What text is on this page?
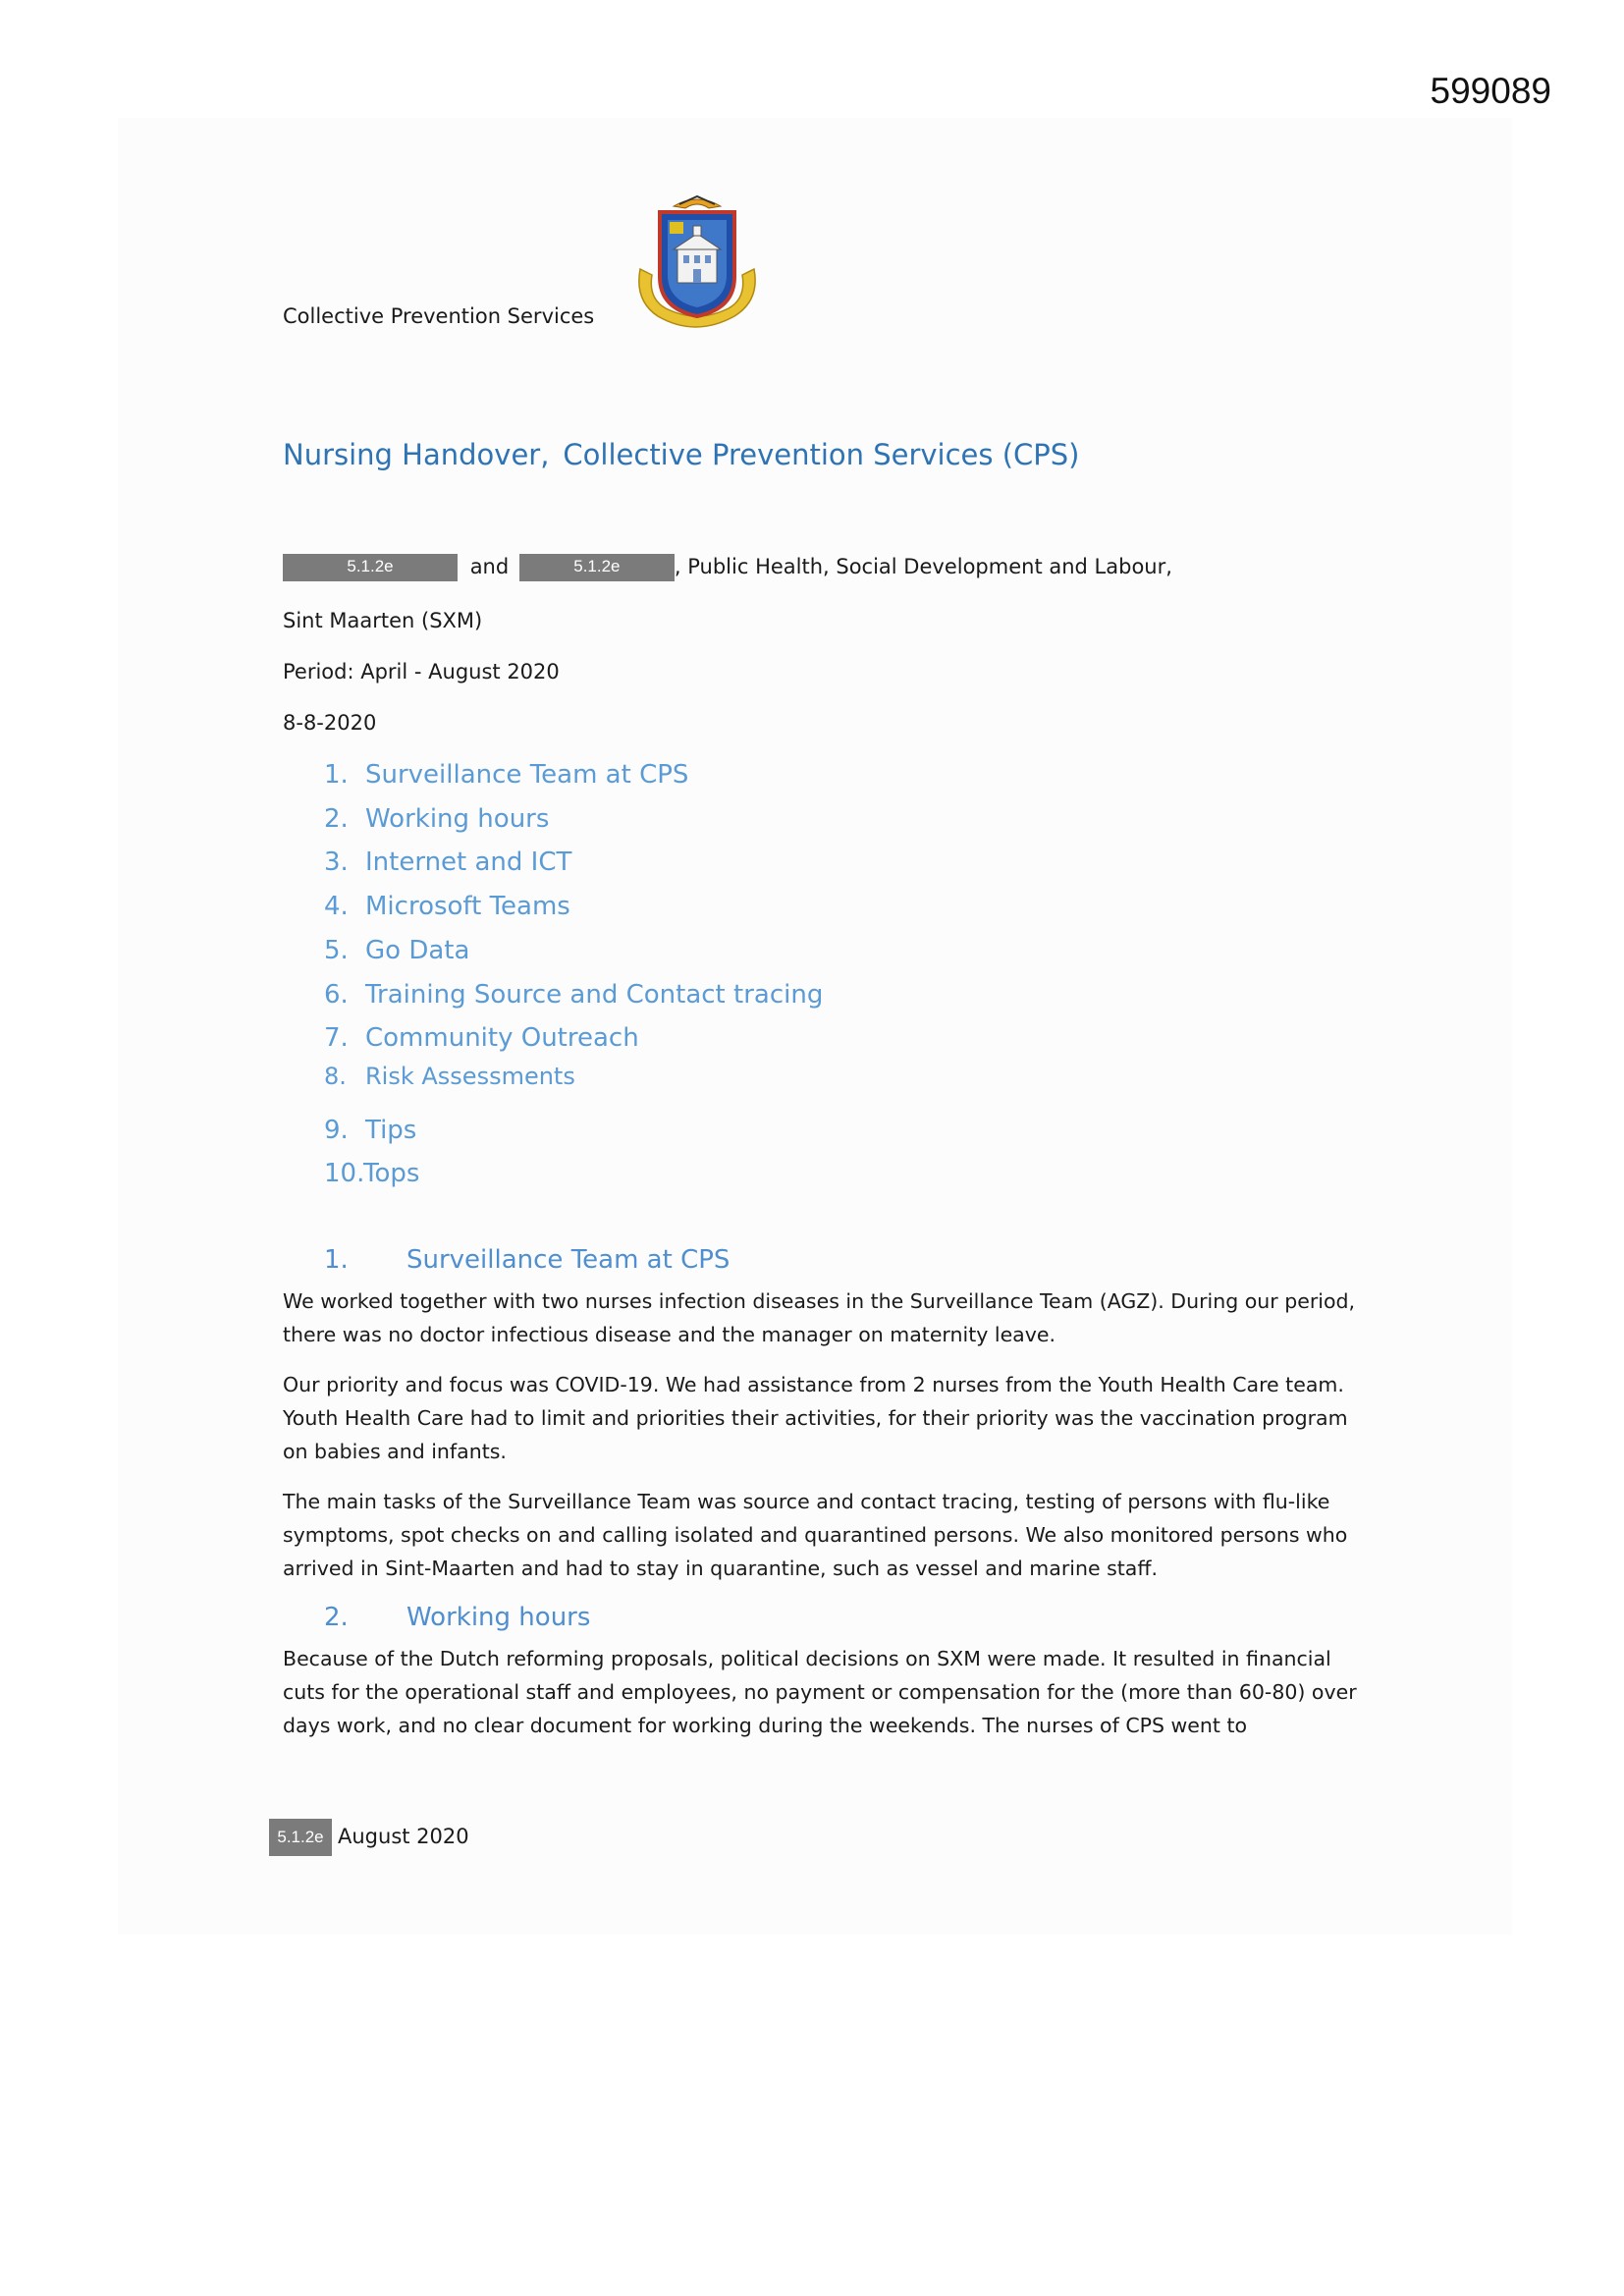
599089
Collective Prevention Services
Nursing Handover, Collective Prevention Services (CPS)
5.1.2e	and	5.1.2e	, Public Health, Social Development and Labour,
Sint Maarten (SXM)
Period: April - August 2020
8-8-2020
1. Surveillance Team at CPS
2. Working hours
3. Internet and ICT
4. Microsoft Teams
5. Go Data
6. Training Source and Contact tracing
7. Community Outreach
8. Risk Assessments
9. Tips
10.Tops
1. Surveillance Team at CPS

We worked together with two nurses infection diseases in the Surveillance Team (AGZ). During our period, there was no doctor infectious disease and the manager on maternity leave.

Our priority and focus was COVID-19. We had assistance from 2 nurses from the Youth Health Care team. Youth Health Care had to limit and priorities their activities, for their priority was the vaccination program on babies and infants.

The main tasks of the Surveillance Team was source and contact tracing, testing of persons with flu-like symptoms, spot checks on and calling isolated and quarantined persons. We also monitored persons who arrived in Sint-Maarten and had to stay in quarantine, such as vessel and marine staff.

2. Working hours

Because of the Dutch reforming proposals, political decisions on SXM were made. It resulted in financial cuts for the operational staff and employees, no payment or compensation for the (more than 60-80) over days work, and no clear document for working during the weekends. The nurses of CPS went to

5.1.2e August 2020
